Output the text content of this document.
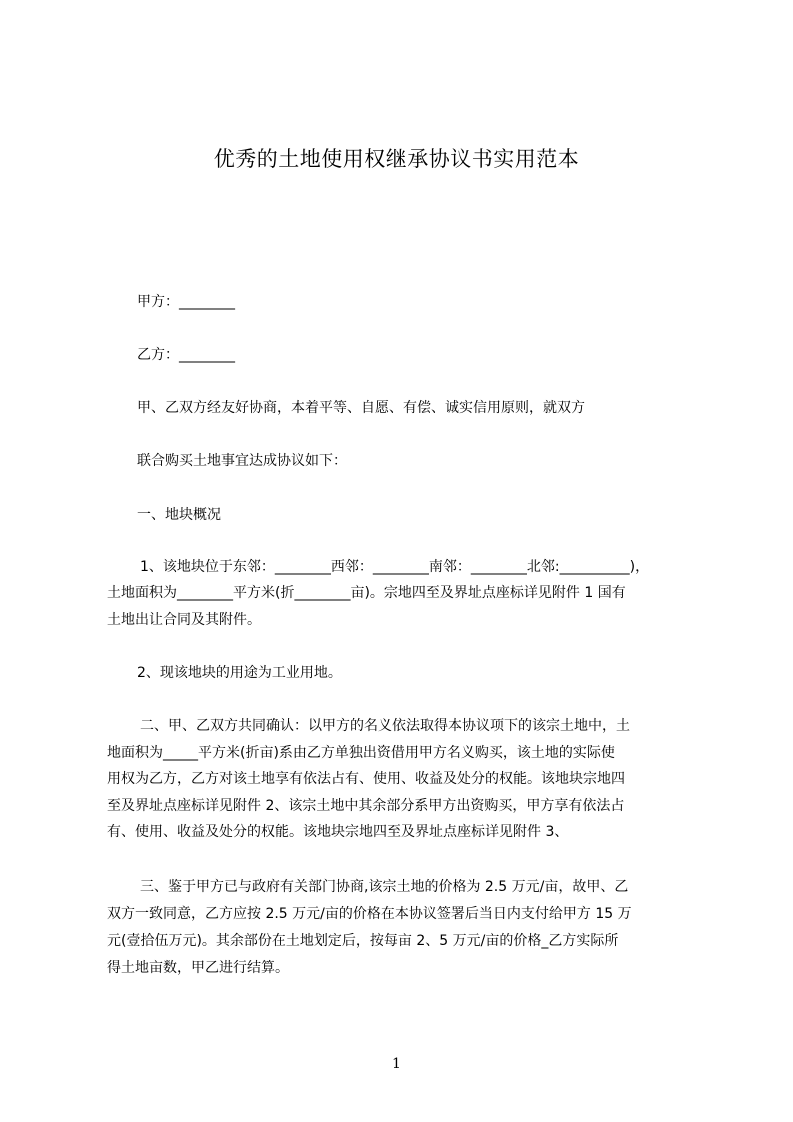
优秀的土地使用权继承协议书实用范本
甲方：________
乙方：________
甲、乙双方经友好协商，本着平等、自愿、有偿、诚实信用原则，就双方
联合购买土地事宜达成协议如下：
一、地块概况
1、该地块位于东邻：________西邻：________南邻：________北邻:__________)，
土地面积为________平方米(折________亩)。宗地四至及界址点座标详见附件 1 国有
土地出让合同及其附件。
2、现该地块的用途为工业用地。
二、甲、乙双方共同确认：以甲方的名义依法取得本协议项下的该宗土地中，土
地面积为_____平方米(折亩)系由乙方单独出资借用甲方名义购买，该土地的实际使
用权为乙方，乙方对该土地享有依法占有、使用、收益及处分的权能。该地块宗地四
至及界址点座标详见附件 2、该宗土地中其余部分系甲方出资购买，甲方享有依法占
有、使用、收益及处分的权能。该地块宗地四至及界址点座标详见附件 3、
三、鉴于甲方已与政府有关部门协商,该宗土地的价格为 2.5 万元/亩，故甲、乙
双方一致同意，乙方应按 2.5 万元/亩的价格在本协议签署后当日内支付给甲方 15 万
元(壹拾伍万元)。其余部份在土地划定后，按每亩 2、5 万元/亩的价格_乙方实际所
得土地亩数，甲乙进行结算。
1
